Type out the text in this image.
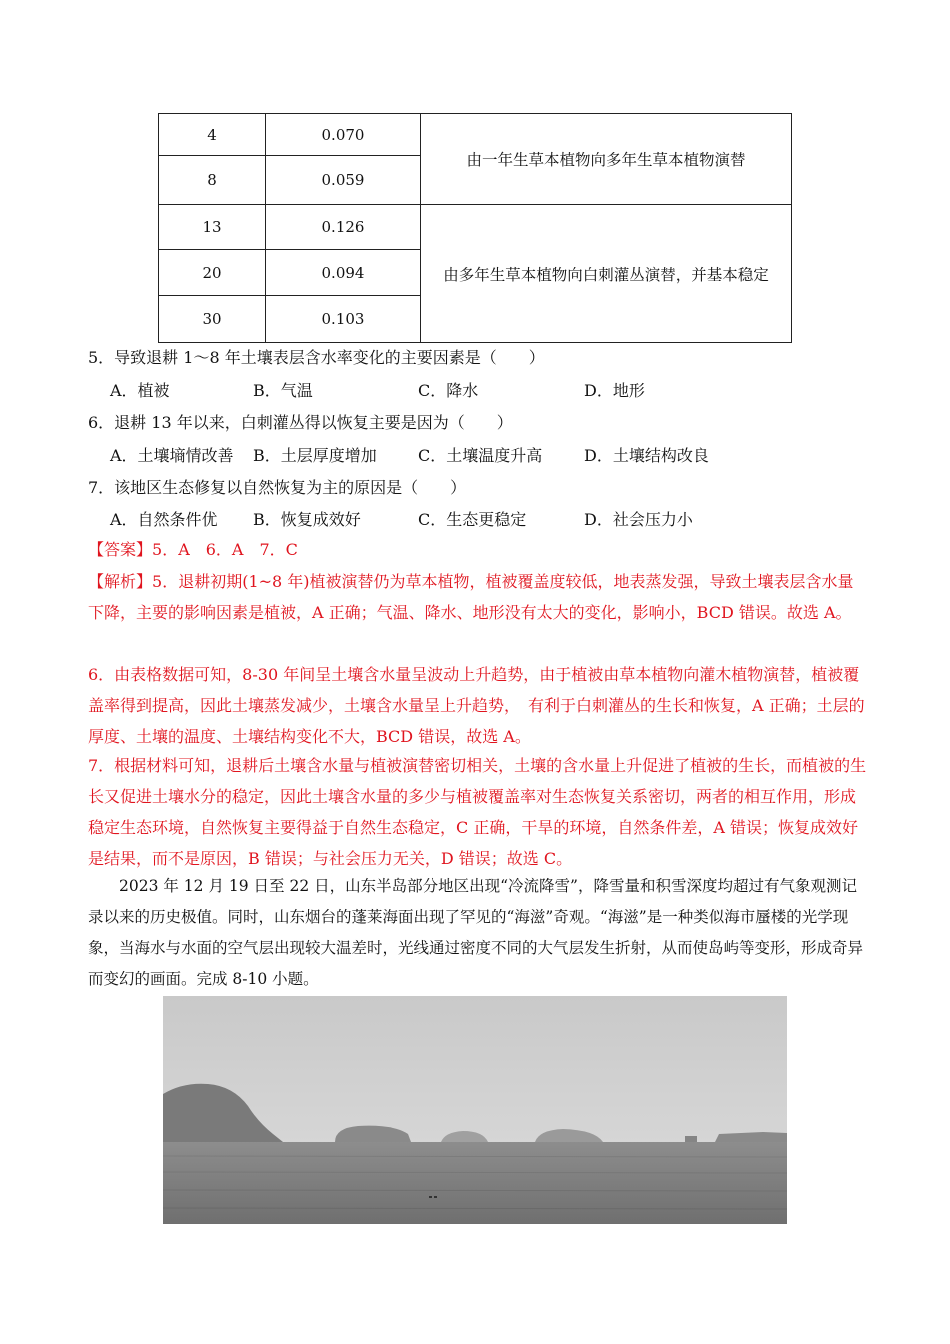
4	0.070	由一年生草本植物向多年生草本植物演替
8	0.059	
13	0.126	由多年生草本植物向白刺灌丛演替，并基本稳定
20	0.094	
30	0.103	
5．导致退耕 1～8 年土壤表层含水率变化的主要因素是（　　）
A．植被	B．气温	C．降水	D．地形
6．退耕 13 年以来，白刺灌丛得以恢复主要是因为（　　）
A．土壤墒情改善 B．土层厚度增加	C．土壤温度升高	D．土壤结构改良
7．该地区生态修复以自然恢复为主的原因是（　　）
A．自然条件优 B．恢复成效好	C．生态更稳定	D．社会压力小
【答案】5．A　6．A　7．C
【解析】5．退耕初期(1~8 年)植被演替仍为草本植物，植被覆盖度较低，地表蒸发强，导致土壤表层含水量下降，主要的影响因素是植被，A 正确；气温、降水、地形没有太大的变化，影响小，BCD 错误。故选 A。
6．由表格数据可知，8-30 年间呈土壤含水量呈波动上升趋势，由于植被由草本植物向灌木植物演替，植被覆盖率得到提高，因此土壤蒸发减少，土壤含水量呈上升趋势，　有利于白刺灌丛的生长和恢复，A 正确；土层的厚度、土壤的温度、土壤结构变化不大，BCD 错误，故选 A。
7．根据材料可知，退耕后土壤含水量与植被演替密切相关，土壤的含水量上升促进了植被的生长，而植被的生长又促进土壤水分的稳定，因此土壤含水量的多少与植被覆盖率对生态恢复关系密切，两者的相互作用，形成稳定生态环境，自然恢复主要得益于自然生态稳定，C 正确，干旱的环境，自然条件差，A 错误；恢复成效好是结果，而不是原因，B 错误；与社会压力无关，D 错误；故选 C。
2023 年 12 月 19 日至 22 日，山东半岛部分地区出现“冷流降雪”，降雪量和积雪深度均超过有气象观测记录以来的历史极值。同时，山东烟台的蓬莱海面出现了罕见的“海滋”奇观。“海滋”是一种类似海市蜃楼的光学现象，当海水与水面的空气层出现较大温差时，光线通过密度不同的大气层发生折射，从而使岛屿等变形，形成奇异而变幻的画面。完成 8-10 小题。
